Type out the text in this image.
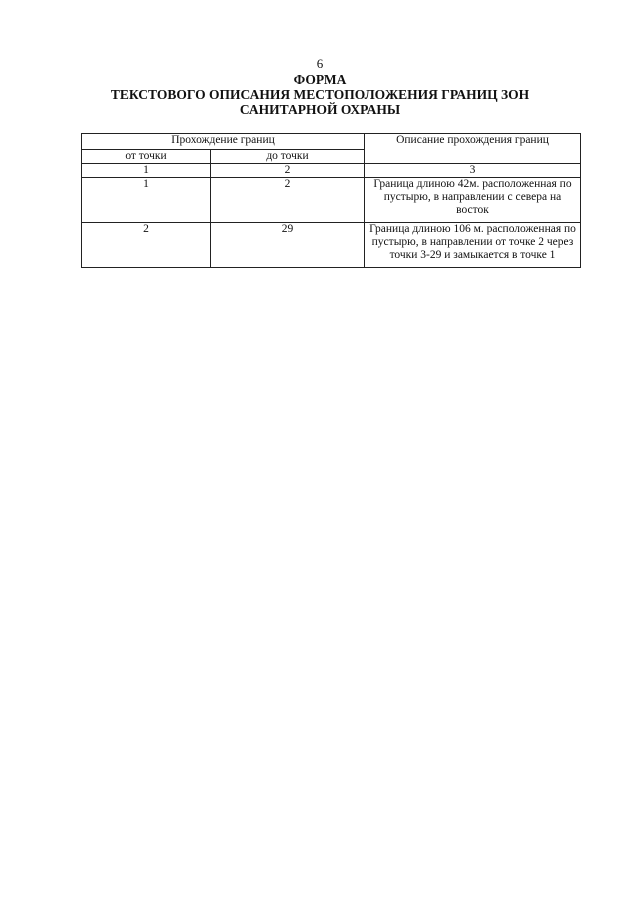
6
ФОРМА
ТЕКСТОВОГО ОПИСАНИЯ МЕСТОПОЛОЖЕНИЯ ГРАНИЦ ЗОН
САНИТАРНОЙ ОХРАНЫ
Прохождение границ		Описание прохождения границ
от точки	до точки	
1	2	3
1	2	Граница длиною 42м. расположенная по пустырю, в направлении с севера на восток
2	29	Граница длиною 106 м. расположенная по пустырю, в направлении от точке 2 через точки 3-29 и замыкается в точке 1
